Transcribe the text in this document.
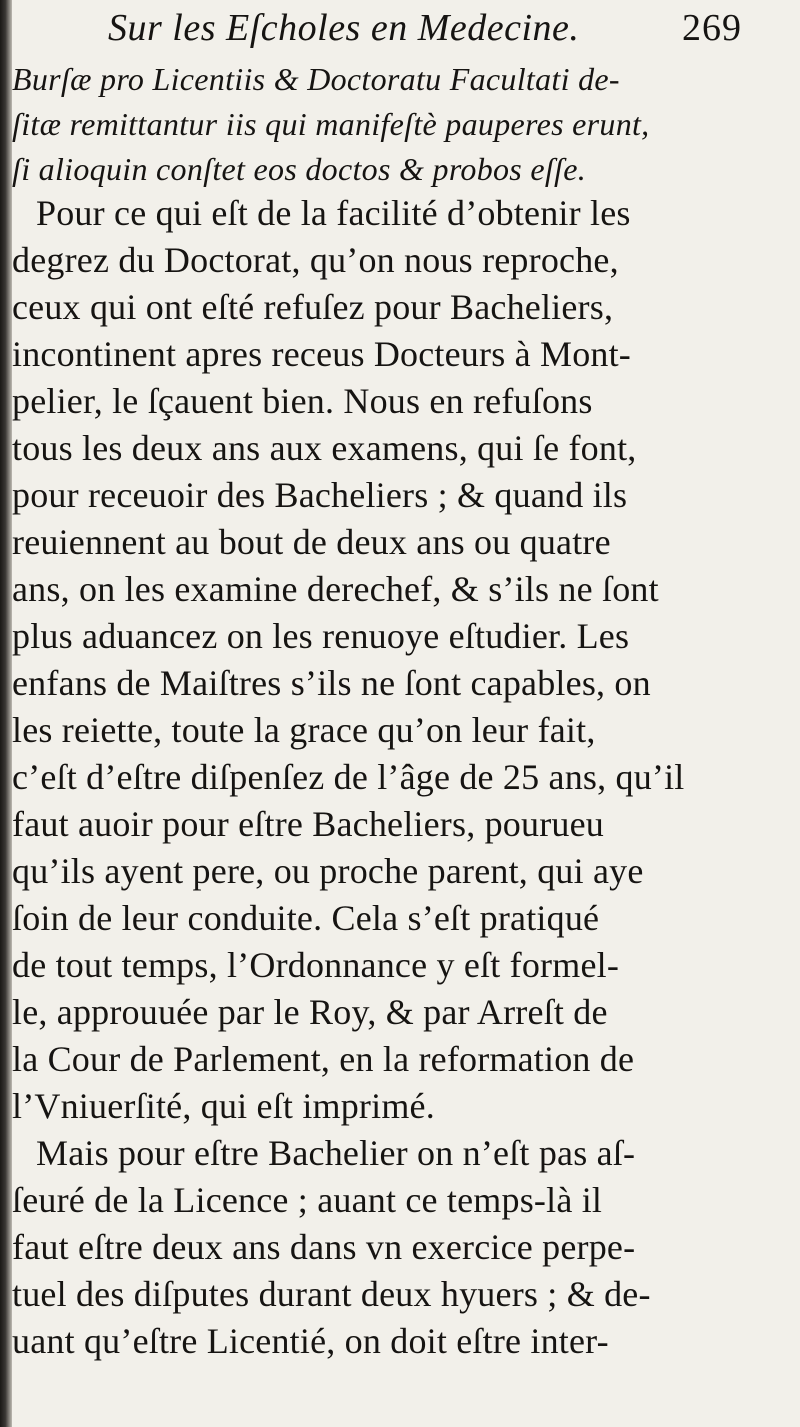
Sur les Eſcholes en Medecine.	269
Burſæ pro Licentiis & Doctoratu Facultati de-
ſitæ remittantur iis qui manifeſtè pauperes erunt,
ſi alioquin conſtet eos doctos & probos eſſe.
Pour ce qui eſt de la facilité d’obtenir les
degrez du Doctorat, qu’on nous reproche,
ceux qui ont eſté refuſez pour Bacheliers,
incontinent apres receus Docteurs à Mont-
pelier, le ſçauent bien. Nous en refuſons
tous les deux ans aux examens, qui ſe font,
pour receuoir des Bacheliers ; & quand ils
reuiennent au bout de deux ans ou quatre
ans, on les examine derechef, & s’ils ne ſont
plus aduancez on les renuoye eſtudier. Les
enfans de Maiſtres s’ils ne ſont capables, on
les reiette, toute la grace qu’on leur fait,
c’eſt d’eſtre diſpenſez de l’âge de 25 ans, qu’il
faut auoir pour eſtre Bacheliers, pourueu
qu’ils ayent pere, ou proche parent, qui aye
ſoin de leur conduite. Cela s’eſt pratiqué
de tout temps, l’Ordonnance y eſt formel-
le, approuuée par le Roy, & par Arreſt de
la Cour de Parlement, en la reformation de
l’Vniuerſité, qui eſt imprimé.
Mais pour eſtre Bachelier on n’eſt pas aſ-
ſeuré de la Licence ; auant ce temps-là il
faut eſtre deux ans dans vn exercice perpe-
tuel des diſputes durant deux hyuers ; & de-
uant qu’eſtre Licentié, on doit eſtre inter-
